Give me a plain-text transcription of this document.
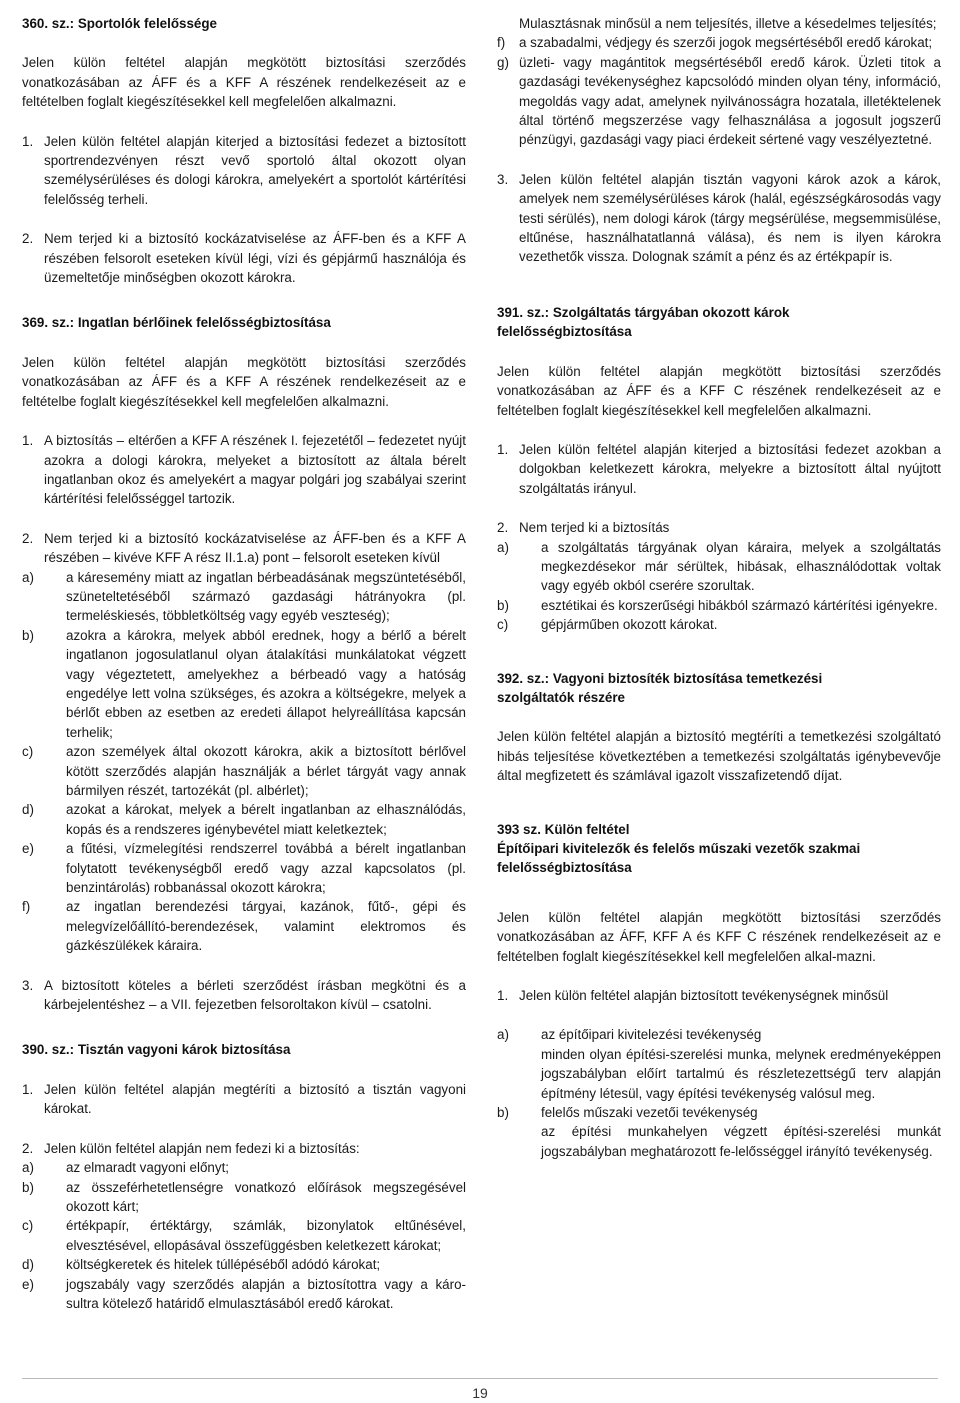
360. sz.: Sportolók felelőssége

Jelen külön feltétel alapján megkötött biztosítási szerződés vonatkozásában az ÁFF és a KFF A részének rendelkezéseit az e feltételben foglalt kiegészítésekkel kell megfelelően alkalmazni.

1. Jelen külön feltétel alapján kiterjed a biztosítási fedezet a biztosított sportrendezvényen részt vevő sportoló által okozott olyan személysérüléses és dologi károkra, amelyekért a sportolót kártérítési felelősség terheli.
2. Nem terjed ki a biztosító kockázatviselése az ÁFF-ben és a KFF A részében felsorolt eseteken kívül légi, vízi és gépjármű használója és üzemeltetője minőségben okozott károkra.

369. sz.: Ingatlan bérlőinek felelősségbiztosítása

Jelen külön feltétel alapján megkötött biztosítási szerződés vonatkozásában az ÁFF és a KFF A részének rendelkezéseit az e feltételbe foglalt kiegészítésekkel kell megfelelően alkalmazni.

1. A biztosítás – eltérően a KFF A részének I. fejezetétől – fedezetet nyújt azokra a dologi károkra, melyeket a biztosított az általa bérelt ingatlanban okoz és amelyekért a magyar polgári jog szabályai szerint kártérítési felelősséggel tartozik.
2. Nem terjed ki a biztosító kockázatviselése az ÁFF-ben és a KFF A részében – kivéve KFF A rész II.1.a) pont – felsorolt eseteken kívül
a)	a káresemény miatt az ingatlan bérbeadásának megszüntetéséből, szüneteltetéséből származó gazdasági hátrányokra (pl. termeléskiesés, többletköltség vagy egyéb veszteség);
b)	azokra a károkra, melyek abból erednek, hogy a bérlő a bérelt ingatlanon jogosulatlanul olyan átalakítási munkálatokat végzett vagy végeztetett, amelyekhez a bérbeadó vagy a hatóság engedélye lett volna szükséges, és azokra a költségekre, melyek a bérlőt ebben az esetben az eredeti állapot helyreállítása kapcsán terhelik;
c)	azon személyek által okozott károkra, akik a biztosított bérlővel kötött szerződés alapján használják a bérlet tárgyát vagy annak bármilyen részét, tartozékát (pl. albérlet);
d)	azokat a károkat, melyek a bérelt ingatlanban az elhasználódás, kopás és a rendszeres igénybevétel miatt keletkeztek;
e)	a fűtési, vízmelegítési rendszerrel továbbá a bérelt ingatlanban folytatott tevékenységből eredő vagy azzal kapcsolatos (pl. benzintárolás) robbanással okozott károkra;
f)	az ingatlan berendezési tárgyai, kazánok, fűtő-, gépi és melegvízelőállító-berendezések, valamint elektromos és gázkészülékek káraira.
3. A biztosított köteles a bérleti szerződést írásban megkötni és a kárbejelentéshez – a VII. fejezetben felsoroltakon kívül – csatolni.

390. sz.: Tisztán vagyoni károk biztosítása

1. Jelen külön feltétel alapján megtéríti a biztosító a tisztán vagyoni károkat.
2. Jelen külön feltétel alapján nem fedezi ki a biztosítás:
a)	az elmaradt vagyoni előnyt;
b)	az összeférhetetlenségre vonatkozó előírások megszegésével okozott kárt;
c)	értékpapír, értéktárgy, számlák, bizonylatok eltűnésével, elvesztésével, ellopásával összefüggésben keletkezett károkat;
d)	költségkeretek és hitelek túllépéséből adódó károkat;
e)	jogszabály vagy szerződés alapján a biztosítottra vagy a káro-sultra kötelező határidő elmulasztásából eredő károkat.

Mulasztásnak minősül a nem teljesítés, illetve a késedelmes teljesítés;

f)	a szabadalmi, védjegy és szerzői jogok megsértéséből eredő károkat;
g) üzleti- vagy magántitok megsértéséből eredő károk. Üzleti titok a gazdasági tevékenységhez kapcsolódó minden olyan tény, információ, megoldás vagy adat, amelynek nyilvánosságra hozatala, illetéktelenek által történő megszerzése vagy felhasználása a jogosult jogszerű pénzügyi, gazdasági vagy piaci érdekeit sértené vagy veszélyeztetné.
3. Jelen külön feltétel alapján tisztán vagyoni károk azok a károk, amelyek nem személysérüléses károk (halál, egészségkárosodás vagy testi sérülés), nem dologi károk (tárgy megsérülése, megsemmisülése, eltűnése, használhatatlanná válása), és nem is ilyen károkra vezethetők vissza. Dolognak számít a pénz és az értékpapír is.

391. sz.: Szolgáltatás tárgyában okozott károk

felelősségbiztosítása

Jelen külön feltétel alapján megkötött biztosítási szerződés vonatkozásában az ÁFF és a KFF C részének rendelkezéseit az e feltételben foglalt kiegészítésekkel kell megfelelően alkalmazni.

1. Jelen külön feltétel alapján kiterjed a biztosítási fedezet azokban a dolgokban keletkezett károkra, melyekre a biztosított által nyújtott szolgáltatás irányul.
2. Nem terjed ki a biztosítás
a)	a szolgáltatás tárgyának olyan káraira, melyek a szolgáltatás megkezdésekor már sérültek, hibásak, elhasználódottak voltak vagy egyéb okból cserére szorultak.
b)	esztétikai és korszerűségi hibákból származó kártérítési igényekre.
c)	gépjárműben okozott károkat.

392. sz.: Vagyoni biztosíték biztosítása temetkezési

szolgáltatók részére

Jelen külön feltétel alapján a biztosító megtéríti a temetkezési szolgáltató hibás teljesítése következtében a temetkezési szolgáltatás igénybevevője által megfizetett és számlával igazolt visszafizetendő díjat.

393 sz. Külön feltétel

Építőipari kivitelezők és felelős műszaki vezetők szakmai

felelősségbiztosítása

Jelen külön feltétel alapján megkötött biztosítási szerződés vonatkozásában az ÁFF, KFF A és KFF C részének rendelkezéseit az e feltételben foglalt kiegészítésekkel kell megfelelően alkal-mazni.

1. Jelen külön feltétel alapján biztosított tevékenységnek minősül
a)	az építőipari kivitelezési tevékenység
minden olyan építési-szerelési munka, melynek eredményeképpen jogszabályban előírt tartalmú és részletezettségű terv alapján építmény létesül, vagy építési tevékenység valósul meg.
b)	felelős műszaki vezetői tevékenység
az építési munkahelyen végzett építési-szerelési munkát jogszabályban meghatározott fe-lelősséggel irányító tevékenység.
19
